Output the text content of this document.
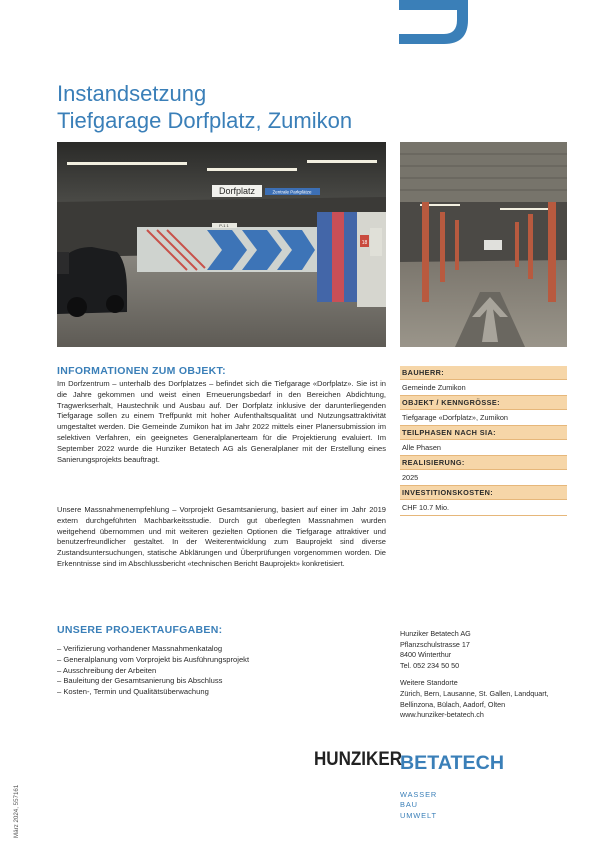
Instandsetzung
Tiefgarage Dorfplatz, Zumikon
Dorfplatz	Zentrale Parkplätze
P-1 1
18
INFORMATIONEN ZUM OBJEKT:

Im Dorfzentrum – unterhalb des Dorfplatzes – befindet sich die Tiefgarage «Dorfplatz». Sie ist in die Jahre gekommen und weist einen Erneuerungsbedarf in den Bereichen Abdichtung, Tragwerkserhalt, Haustechnik und Ausbau auf. Der Dorfplatz inklusive der darunterliegenden Tiefgarage sollen zu einem Treffpunkt mit hoher Aufenthaltsqualität und Nutzungsattraktivität umgestaltet werden. Die Gemeinde Zumikon hat im Jahr 2022 mittels einer Planersubmission im selektiven Verfahren, ein geeignetes Generalplanerteam für die Projektierung evaluiert. Im September 2022 wurde die Hunziker Betatech AG als Generalplaner mit der Erstellung eines Sanierungsprojekts beauftragt.

Unsere Massnahmenempfehlung – Vorprojekt Gesamtsanierung, basiert auf einer im Jahr 2019 extern durchgeführten Machbarkeitsstudie. Durch gut überlegten Massnahmen wurden weitgehend übernommen und mit weiteren gezielten Optionen die Tiefgarage attraktiver und benutzerfreundlicher gestaltet. In der Weiterentwicklung zum Bauprojekt sind diverse Zustandsuntersuchungen, statische Abklärungen und Überprüfungen vorgenommen worden. Die Erkenntnisse sind im Abschlussbericht «technischen Bericht Bauprojekt» konkretisiert.

BAUHERR:
Gemeinde Zumikon
OBJEKT / KENNGRÖSSE:
Tiefgarage «Dorfplatz», Zumikon
TEILPHASEN NACH SIA:
Alle Phasen
REALISIERUNG:
2025
INVESTITIONSKOSTEN:
CHF 10.7 Mio.
UNSERE PROJEKTAUFGABEN:
– Verifizierung vorhandener Massnahmenkatalog
– Generalplanung vom Vorprojekt bis Ausführungsprojekt
– Ausschreibung der Arbeiten
– Bauleitung der Gesamtsanierung bis Abschluss
– Kosten-, Termin und Qualitätsüberwachung
Hunziker Betatech AG
Pflanzschulstrasse 17
8400 Winterthur
Tel. 052 234 50 50
Weitere Standorte
Zürich, Bern, Lausanne, St. Gallen, Landquart,
Bellinzona, Bülach, Aadorf, Olten
www.hunziker-betatech.ch
HUNZIKER
BETATECH
WASSER
BAU
UMWELT
März 2024, 557161
